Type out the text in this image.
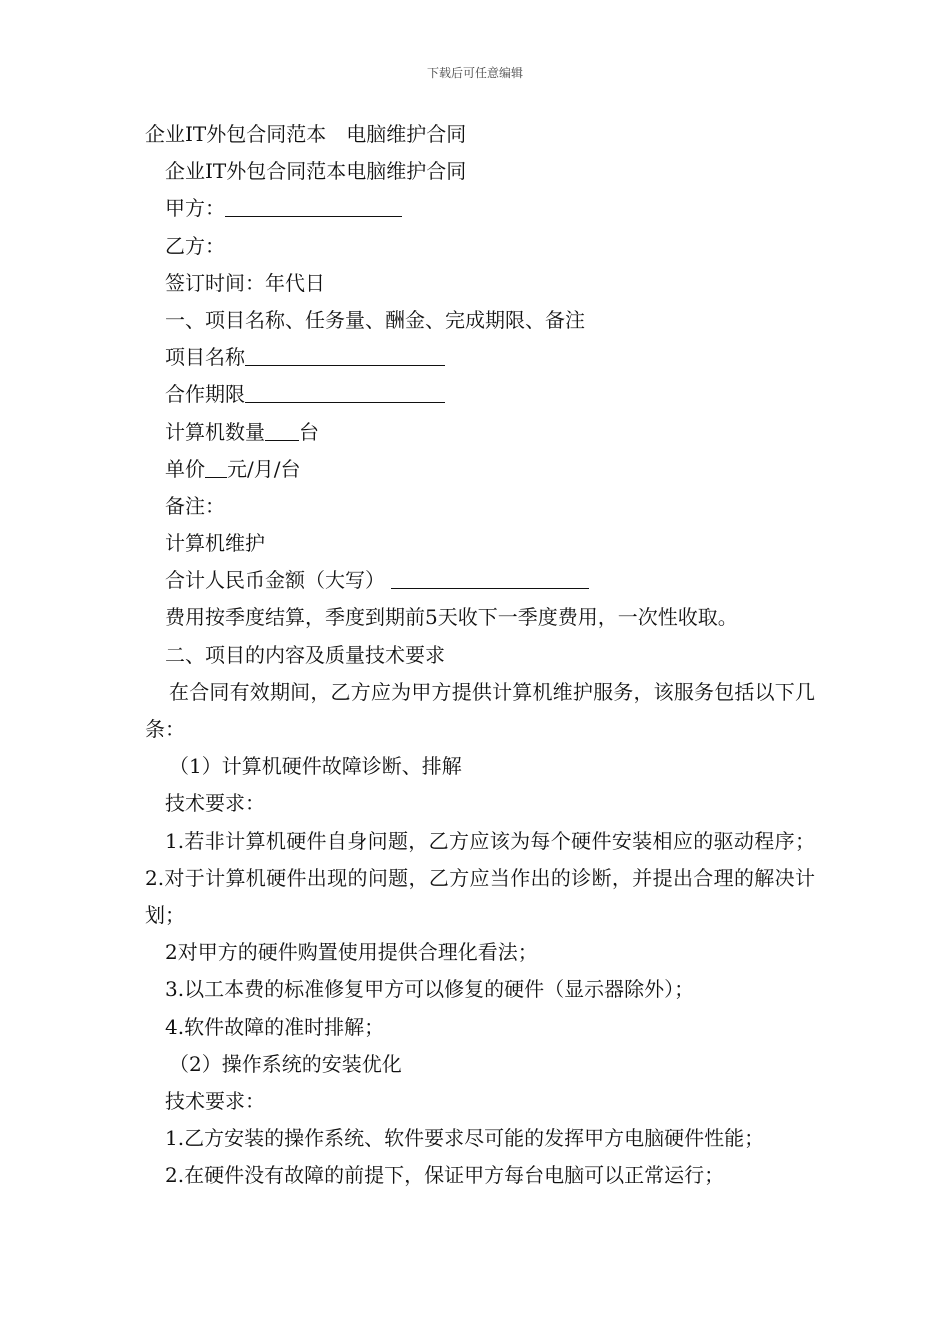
下载后可任意编辑
企业IT外包合同范本　电脑维护合同
企业IT外包合同范本电脑维护合同
甲方：
乙方：
签订时间：年代日
一、项目名称、任务量、酬金、完成期限、备注
项目名称
合作期限
计算机数量 台
单价 元/月/台
备注：
计算机维护
合计人民币金额（大写）
费用按季度结算，季度到期前5天收下一季度费用，一次性收取。
二、项目的内容及质量技术要求
在合同有效期间，乙方应为甲方提供计算机维护服务，该服务包括以下几条：
（1）计算机硬件故障诊断、排解
技术要求：
1.若非计算机硬件自身问题，乙方应该为每个硬件安装相应的驱动程序；2.对于计算机硬件出现的问题，乙方应当作出的诊断，并提出合理的解决计划；
2对甲方的硬件购置使用提供合理化看法；
3.以工本费的标准修复甲方可以修复的硬件（显示器除外）；
4.软件故障的准时排解；
（2）操作系统的安装优化
技术要求：
1.乙方安装的操作系统、软件要求尽可能的发挥甲方电脑硬件性能；
2.在硬件没有故障的前提下，保证甲方每台电脑可以正常运行；
